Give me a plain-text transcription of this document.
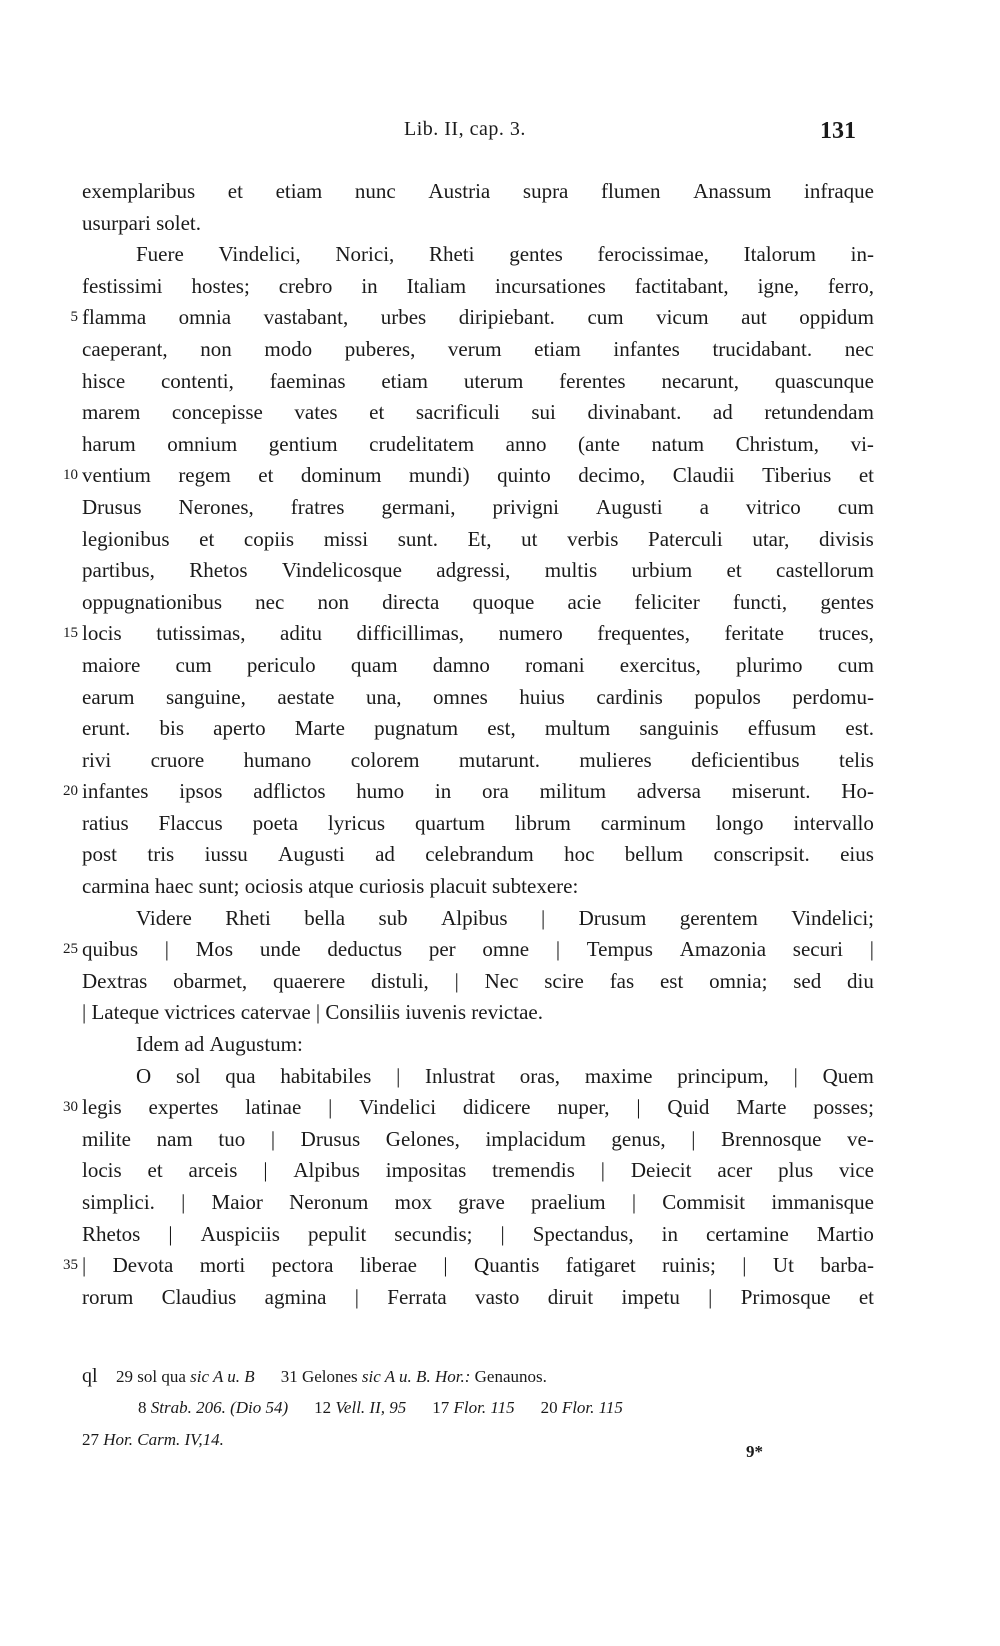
Lib. II, cap. 3.	131
exemplaribus et etiam nunc Austria supra flumen Anassum infraque
usurpari solet.
Fuere Vindelici, Norici, Rheti gentes ferocissimae, Italorum in-
festissimi hostes; crebro in Italiam incursationes factitabant, igne, ferro,
5 flamma omnia vastabant, urbes diripiebant. cum vicum aut oppidum
caeperant, non modo puberes, verum etiam infantes trucidabant. nec
hisce contenti, faeminas etiam uterum ferentes necarunt, quascunque
marem concepisse vates et sacrificuli sui divinabant. ad retundendam
harum omnium gentium crudelitatem anno (ante natum Christum, vi-
10 ventium regem et dominum mundi) quinto decimo, Claudii Tiberius et
Drusus Nerones, fratres germani, privigni Augusti a vitrico cum
legionibus et copiis missi sunt. Et, ut verbis Paterculi utar, divisis
partibus, Rhetos Vindelicosque adgressi, multis urbium et castellorum
oppugnationibus nec non directa quoque acie feliciter functi, gentes
15 locis tutissimas, aditu difficillimas, numero frequentes, feritate truces,
maiore cum periculo quam damno romani exercitus, plurimo cum
earum sanguine, aestate una, omnes huius cardinis populos perdomu-
erunt. bis aperto Marte pugnatum est, multum sanguinis effusum est.
rivi cruore humano colorem mutarunt. mulieres deficientibus telis
20 infantes ipsos adflictos humo in ora militum adversa miserunt. Ho-
ratius Flaccus poeta lyricus quartum librum carminum longo intervallo
post tris iussu Augusti ad celebrandum hoc bellum conscripsit. eius
carmina haec sunt; ociosis atque curiosis placuit subtexere:
Videre Rheti bella sub Alpibus | Drusum gerentem Vindelici;
25 quibus | Mos unde deductus per omne | Tempus Amazonia securi |
Dextras obarmet, quaerere distuli, | Nec scire fas est omnia; sed diu
| Lateque victrices catervae | Consiliis iuvenis revictae.
Idem ad Augustum:
O sol qua habitabiles | Inlustrat oras, maxime principum, | Quem
30 legis expertes latinae | Vindelici didicere nuper, | Quid Marte posses;
milite nam tuo | Drusus Gelones, implacidum genus, | Brennosque ve-
locis et arceis | Alpibus impositas tremendis | Deiecit acer plus vice
simplici. | Maior Neronum mox grave praelium | Commisit immanisque
Rhetos | Auspiciis pepulit secundis; | Spectandus, in certamine Martio
35 | Devota morti pectora liberae | Quantis fatigaret ruinis; | Ut barba-
rorum Claudius agmina | Ferrata vasto diruit impetu | Primosque et
ql 29 sol qua sic A u. B 31 Gelones sic A u. B. Hor.: Genaunos.
8 Strab. 206. (Dio 54) 12 Vell. II, 95 17 Flor. 115 20 Flor. 115
27 Hor. Carm. IV,14.
9*
